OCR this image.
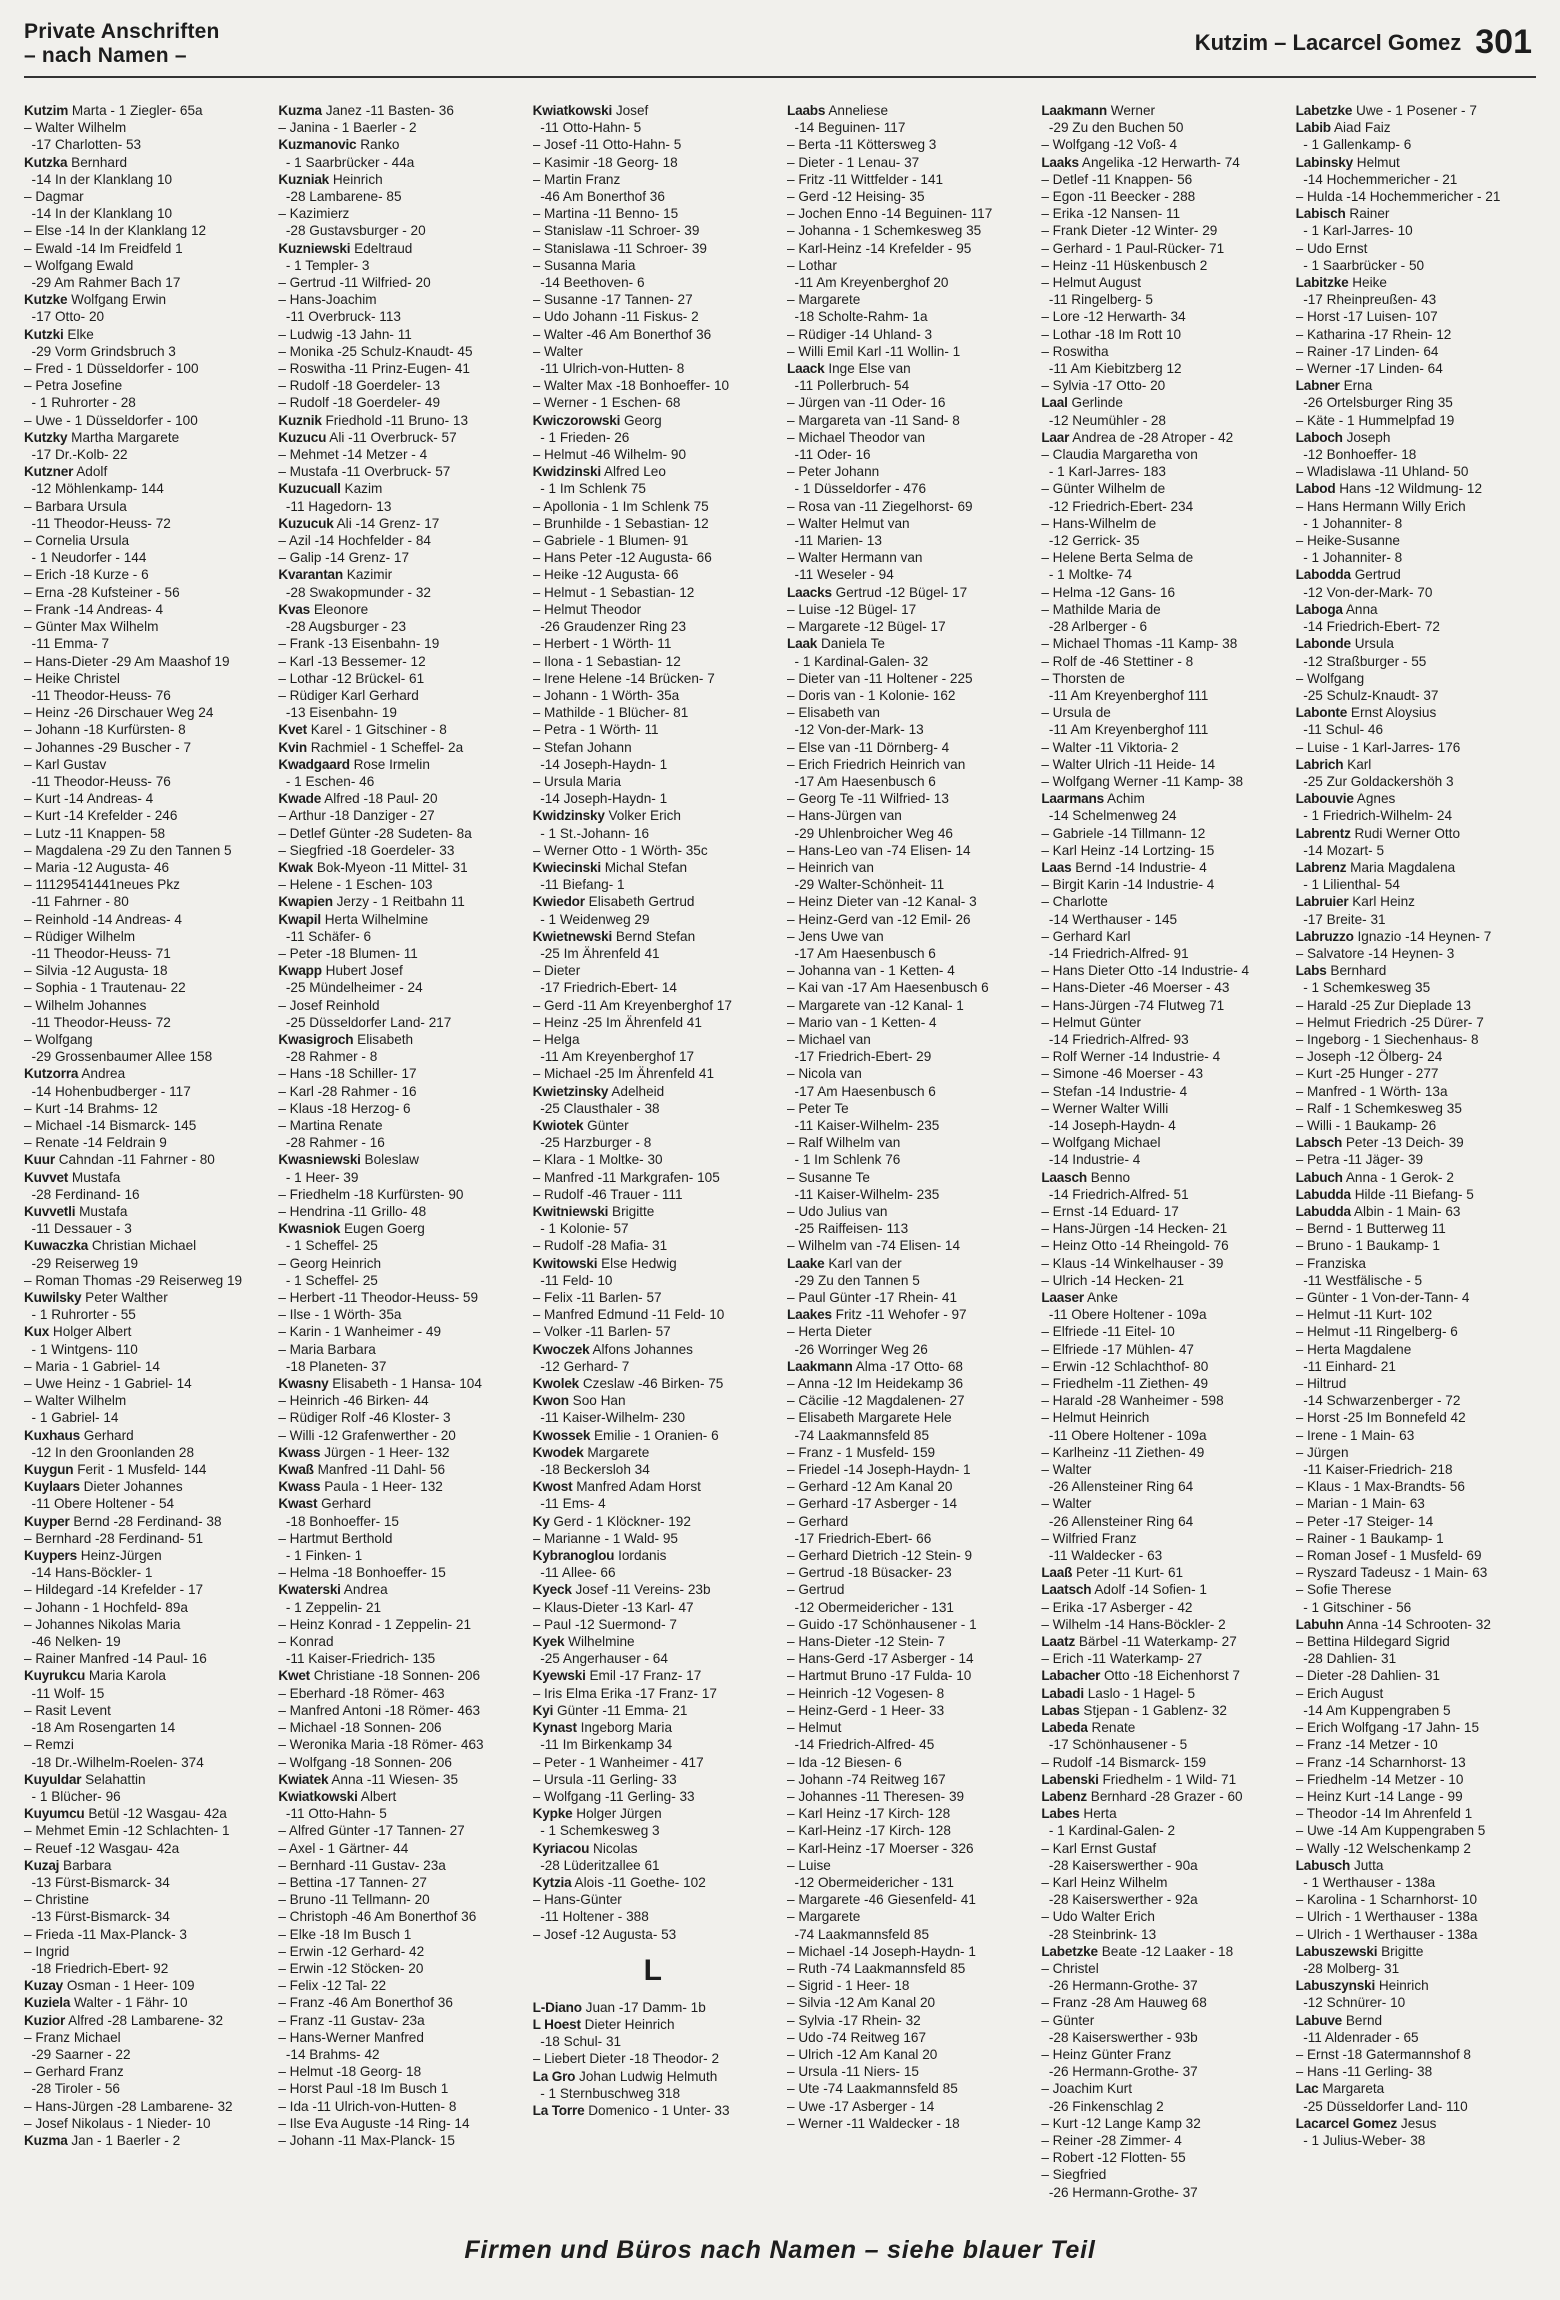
Private Anschriften
– nach Namen –
Kutzim – Lacarcel Gomez 301
Kutzim Marta - 1 Ziegler- 65a
– Walter Wilhelm
-17 Charlotten- 53
Kutzka Bernhard
-14 In der Klanklang 10
– Dagmar
-14 In der Klanklang 10
– Else -14 In der Klanklang 12
– Ewald -14 Im Freidfeld 1
– Wolfgang Ewald
-29 Am Rahmer Bach 17
Kutzke Wolfgang Erwin
-17 Otto- 20
Kutzki Elke
-29 Vorm Grindsbruch 3
– Fred - 1 Düsseldorfer - 100
– Petra Josefine
- 1 Ruhrorter - 28
– Uwe - 1 Düsseldorfer - 100
Kutzky Martha Margarete
-17 Dr.-Kolb- 22
Kutzner Adolf
-12 Möhlenkamp- 144
– Barbara Ursula
-11 Theodor-Heuss- 72
– Cornelia Ursula
- 1 Neudorfer - 144
– Erich -18 Kurze - 6
– Erna -28 Kufsteiner - 56
– Frank -14 Andreas- 4
– Günter Max Wilhelm
-11 Emma- 7
– Hans-Dieter -29 Am Maashof 19
– Heike Christel
-11 Theodor-Heuss- 76
– Heinz -26 Dirschauer Weg 24
– Johann -18 Kurfürsten- 8
– Johannes -29 Buscher - 7
– Karl Gustav
-11 Theodor-Heuss- 76
– Kurt -14 Andreas- 4
– Kurt -14 Krefelder - 246
– Lutz -11 Knappen- 58
– Magdalena -29 Zu den Tannen 5
– Maria -12 Augusta- 46
– 11129541441neues Pkz
-11 Fahrner - 80
– Reinhold -14 Andreas- 4
– Rüdiger Wilhelm
-11 Theodor-Heuss- 71
– Silvia -12 Augusta- 18
– Sophia - 1 Trautenau- 22
– Wilhelm Johannes
-11 Theodor-Heuss- 72
– Wolfgang
-29 Grossenbaumer Allee 158
Kutzorra Andrea
-14 Hohenbudberger - 117
– Kurt -14 Brahms- 12
– Michael -14 Bismarck- 145
– Renate -14 Feldrain 9
Kuur Cahndan -11 Fahrner - 80
Kuvvet Mustafa
-28 Ferdinand- 16
Kuvvetli Mustafa
-11 Dessauer - 3
Kuwaczka Christian Michael
-29 Reiserweg 19
– Roman Thomas -29 Reiserweg 19
Kuwilsky Peter Walther
- 1 Ruhrorter - 55
Kux Holger Albert
- 1 Wintgens- 110
– Maria - 1 Gabriel- 14
– Uwe Heinz - 1 Gabriel- 14
– Walter Wilhelm
- 1 Gabriel- 14
Kuxhaus Gerhard
-12 In den Groonlanden 28
Kuygun Ferit - 1 Musfeld- 144
Kuylaars Dieter Johannes
-11 Obere Holtener - 54
Kuyper Bernd -28 Ferdinand- 38
– Bernhard -28 Ferdinand- 51
Kuypers Heinz-Jürgen
-14 Hans-Böckler- 1
– Hildegard -14 Krefelder - 17
– Johann - 1 Hochfeld- 89a
– Johannes Nikolas Maria
-46 Nelken- 19
– Rainer Manfred -14 Paul- 16
Kuyrukcu Maria Karola
-11 Wolf- 15
– Rasit Levent
-18 Am Rosengarten 14
– Remzi
-18 Dr.-Wilhelm-Roelen- 374
Kuyuldar Selahattin
- 1 Blücher- 96
Kuyumcu Betül -12 Wasgau- 42a
– Mehmet Emin -12 Schlachten- 1
– Reuef -12 Wasgau- 42a
Kuzaj Barbara
-13 Fürst-Bismarck- 34
– Christine
-13 Fürst-Bismarck- 34
– Frieda -11 Max-Planck- 3
– Ingrid
-18 Friedrich-Ebert- 92
Kuzay Osman - 1 Heer- 109
Kuziela Walter - 1 Fähr- 10
Kuzior Alfred -28 Lambarene- 32
– Franz Michael
-29 Saarner - 22
– Gerhard Franz
-28 Tiroler - 56
– Hans-Jürgen -28 Lambarene- 32
– Josef Nikolaus - 1 Nieder- 10
Kuzma Jan - 1 Baerler - 2
Kuzma Janez -11 Basten- 36
– Janina - 1 Baerler - 2
Kuzmanovic Ranko
- 1 Saarbrücker - 44a
Kuzniak Heinrich
-28 Lambarene- 85
– Kazimierz
-28 Gustavsburger - 20
Kuzniewski Edeltraud
- 1 Templer- 3
– Gertrud -11 Wilfried- 20
– Hans-Joachim
-11 Overbruck- 113
– Ludwig -13 Jahn- 11
– Monika -25 Schulz-Knaudt- 45
– Roswitha -11 Prinz-Eugen- 41
– Rudolf -18 Goerdeler- 13
– Rudolf -18 Goerdeler- 49
Kuznik Friedhold -11 Bruno- 13
Kuzucu Ali -11 Overbruck- 57
– Mehmet -14 Metzer - 4
– Mustafa -11 Overbruck- 57
Kuzucuall Kazim
-11 Hagedorn- 13
Kuzucuk Ali -14 Grenz- 17
– Azil -14 Hochfelder - 84
– Galip -14 Grenz- 17
Kvarantan Kazimir
-28 Swakopmunder - 32
Kvas Eleonore
-28 Augsburger - 23
– Frank -13 Eisenbahn- 19
– Karl -13 Bessemer- 12
– Lothar -12 Brückel- 61
– Rüdiger Karl Gerhard
-13 Eisenbahn- 19
Kvet Karel - 1 Gitschiner - 8
Kvin Rachmiel - 1 Scheffel- 2a
Kwadgaard Rose Irmelin
- 1 Eschen- 46
Kwade Alfred -18 Paul- 20
– Arthur -18 Danziger - 27
– Detlef Günter -28 Sudeten- 8a
– Siegfried -18 Goerdeler- 33
Kwak Bok-Myeon -11 Mittel- 31
– Helene - 1 Eschen- 103
Kwapien Jerzy - 1 Reitbahn 11
Kwapil Herta Wilhelmine
-11 Schäfer- 6
– Peter -18 Blumen- 11
Kwapp Hubert Josef
-25 Mündelheimer - 24
– Josef Reinhold
-25 Düsseldorfer Land- 217
Kwasigroch Elisabeth
-28 Rahmer - 8
– Hans -18 Schiller- 17
– Karl -28 Rahmer - 16
– Klaus -18 Herzog- 6
– Martina Renate
-28 Rahmer - 16
Kwasniewski Boleslaw
- 1 Heer- 39
– Friedhelm -18 Kurfürsten- 90
– Hendrina -11 Grillo- 48
Kwasniok Eugen Goerg
- 1 Scheffel- 25
– Georg Heinrich
- 1 Scheffel- 25
– Herbert -11 Theodor-Heuss- 59
– Ilse - 1 Wörth- 35a
– Karin - 1 Wanheimer - 49
– Maria Barbara
-18 Planeten- 37
Kwasny Elisabeth - 1 Hansa- 104
– Heinrich -46 Birken- 44
– Rüdiger Rolf -46 Kloster- 3
– Willi -12 Grafenwerther - 20
Kwass Jürgen - 1 Heer- 132
Kwaß Manfred -11 Dahl- 56
Kwass Paula - 1 Heer- 132
Kwast Gerhard
-18 Bonhoeffer- 15
– Hartmut Berthold
- 1 Finken- 1
– Helma -18 Bonhoeffer- 15
Kwaterski Andrea
- 1 Zeppelin- 21
– Heinz Konrad - 1 Zeppelin- 21
– Konrad
-11 Kaiser-Friedrich- 135
Kwet Christiane -18 Sonnen- 206
– Eberhard -18 Römer- 463
– Manfred Antoni -18 Römer- 463
– Michael -18 Sonnen- 206
– Weronika Maria -18 Römer- 463
– Wolfgang -18 Sonnen- 206
Kwiatek Anna -11 Wiesen- 35
Kwiatkowski Albert
-11 Otto-Hahn- 5
– Alfred Günter -17 Tannen- 27
– Axel - 1 Gärtner- 44
– Bernhard -11 Gustav- 23a
– Bettina -17 Tannen- 27
– Bruno -11 Tellmann- 20
– Christoph -46 Am Bonerthof 36
– Elke -18 Im Busch 1
– Erwin -12 Gerhard- 42
– Erwin -12 Stöcken- 20
– Felix -12 Tal- 22
– Franz -46 Am Bonerthof 36
– Franz -11 Gustav- 23a
– Hans-Werner Manfred
-14 Brahms- 42
– Helmut -18 Georg- 18
– Horst Paul -18 Im Busch 1
– Ida -11 Ulrich-von-Hutten- 8
– Ilse Eva Auguste -14 Ring- 14
– Johann -11 Max-Planck- 15
Kwiatkowski Josef
-11 Otto-Hahn- 5
– Josef -11 Otto-Hahn- 5
– Kasimir -18 Georg- 18
– Martin Franz
-46 Am Bonerthof 36
– Martina -11 Benno- 15
– Stanislaw -11 Schroer- 39
– Stanislawa -11 Schroer- 39
– Susanna Maria
-14 Beethoven- 6
– Susanne -17 Tannen- 27
– Udo Johann -11 Fiskus- 2
– Walter -46 Am Bonerthof 36
– Walter
-11 Ulrich-von-Hutten- 8
– Walter Max -18 Bonhoeffer- 10
– Werner - 1 Eschen- 68
Kwiczorowski Georg
- 1 Frieden- 26
– Helmut -46 Wilhelm- 90
Kwidzinski Alfred Leo
- 1 Im Schlenk 75
– Apollonia - 1 Im Schlenk 75
– Brunhilde - 1 Sebastian- 12
– Gabriele - 1 Blumen- 91
– Hans Peter -12 Augusta- 66
– Heike -12 Augusta- 66
– Helmut - 1 Sebastian- 12
– Helmut Theodor
-26 Graudenzer Ring 23
– Herbert - 1 Wörth- 11
– Ilona - 1 Sebastian- 12
– Irene Helene -14 Brücken- 7
– Johann - 1 Wörth- 35a
– Mathilde - 1 Blücher- 81
– Petra - 1 Wörth- 11
– Stefan Johann
-14 Joseph-Haydn- 1
– Ursula Maria
-14 Joseph-Haydn- 1
Kwidzinsky Volker Erich
- 1 St.-Johann- 16
– Werner Otto - 1 Wörth- 35c
Kwiecinski Michal Stefan
-11 Biefang- 1
Kwiedor Elisabeth Gertrud
- 1 Weidenweg 29
Kwietnewski Bernd Stefan
-25 Im Ährenfeld 41
– Dieter
-17 Friedrich-Ebert- 14
– Gerd -11 Am Kreyenberghof 17
– Heinz -25 Im Ährenfeld 41
– Helga
-11 Am Kreyenberghof 17
– Michael -25 Im Ährenfeld 41
Kwietzinsky Adelheid
-25 Clausthaler - 38
Kwiotek Günter
-25 Harzburger - 8
– Klara - 1 Moltke- 30
– Manfred -11 Markgrafen- 105
– Rudolf -46 Trauer - 111
Kwitniewski Brigitte
- 1 Kolonie- 57
– Rudolf -28 Mafia- 31
Kwitowski Else Hedwig
-11 Feld- 10
– Felix -11 Barlen- 57
– Manfred Edmund -11 Feld- 10
– Volker -11 Barlen- 57
Kwoczek Alfons Johannes
-12 Gerhard- 7
Kwolek Czeslaw -46 Birken- 75
Kwon Soo Han
-11 Kaiser-Wilhelm- 230
Kwossek Emilie - 1 Oranien- 6
Kwodek Margarete
-18 Beckersloh 34
Kwost Manfred Adam Horst
-11 Ems- 4
Ky Gerd - 1 Klöckner- 192
– Marianne - 1 Wald- 95
Kybranoglou Iordanis
-11 Allee- 66
Kyeck Josef -11 Vereins- 23b
– Klaus-Dieter -13 Karl- 47
– Paul -12 Suermond- 7
Kyek Wilhelmine
-25 Angerhauser - 64
Kyewski Emil -17 Franz- 17
– Iris Elma Erika -17 Franz- 17
Kyi Günter -11 Emma- 21
Kynast Ingeborg Maria
-11 Im Birkenkamp 34
– Peter - 1 Wanheimer - 417
– Ursula -11 Gerling- 33
– Wolfgang -11 Gerling- 33
Kypke Holger Jürgen
- 1 Schemkesweg 3
Kyriacou Nicolas
-28 Lüderitzallee 61
Kytzia Alois -11 Goethe- 102
– Hans-Günter
-11 Holtener - 388
– Josef -12 Augusta- 53
L
L-Diano Juan -17 Damm- 1b
L Hoest Dieter Heinrich
-18 Schul- 31
– Liebert Dieter -18 Theodor- 2
La Gro Johan Ludwig Helmuth
- 1 Sternbuschweg 318
La Torre Domenico - 1 Unter- 33
Laabs Anneliese
-14 Beguinen- 117
– Berta -11 Köttersweg 3
– Dieter - 1 Lenau- 37
– Fritz -11 Wittfelder - 141
– Gerd -12 Heising- 35
– Jochen Enno -14 Beguinen- 117
– Johanna - 1 Schemkesweg 35
– Karl-Heinz -14 Krefelder - 95
– Lothar
-11 Am Kreyenberghof 20
– Margarete
-18 Scholte-Rahm- 1a
– Rüdiger -14 Uhland- 3
– Willi Emil Karl -11 Wollin- 1
Laack Inge Else van
-11 Pollerbruch- 54
– Jürgen van -11 Oder- 16
– Margareta van -11 Sand- 8
– Michael Theodor van
-11 Oder- 16
– Peter Johann
- 1 Düsseldorfer - 476
– Rosa van -11 Ziegelhorst- 69
– Walter Helmut van
-11 Marien- 13
– Walter Hermann van
-11 Weseler - 94
Laacks Gertrud -12 Bügel- 17
– Luise -12 Bügel- 17
– Margarete -12 Bügel- 17
Laak Daniela Te
- 1 Kardinal-Galen- 32
– Dieter van -11 Holtener - 225
– Doris van - 1 Kolonie- 162
– Elisabeth van
-12 Von-der-Mark- 13
– Else van -11 Dörnberg- 4
– Erich Friedrich Heinrich van
-17 Am Haesenbusch 6
– Georg Te -11 Wilfried- 13
– Hans-Jürgen van
-29 Uhlenbroicher Weg 46
– Hans-Leo van -74 Elisen- 14
– Heinrich van
-29 Walter-Schönheit- 11
– Heinz Dieter van -12 Kanal- 3
– Heinz-Gerd van -12 Emil- 26
– Jens Uwe van
-17 Am Haesenbusch 6
– Johanna van - 1 Ketten- 4
– Kai van -17 Am Haesenbusch 6
– Margarete van -12 Kanal- 1
– Mario van - 1 Ketten- 4
– Michael van
-17 Friedrich-Ebert- 29
– Nicola van
-17 Am Haesenbusch 6
– Peter Te
-11 Kaiser-Wilhelm- 235
– Ralf Wilhelm van
- 1 Im Schlenk 76
– Susanne Te
-11 Kaiser-Wilhelm- 235
– Udo Julius van
-25 Raiffeisen- 113
– Wilhelm van -74 Elisen- 14
Laake Karl van der
-29 Zu den Tannen 5
– Paul Günter -17 Rhein- 41
Laakes Fritz -11 Wehofer - 97
– Herta Dieter
-26 Worringer Weg 26
Laakmann Alma -17 Otto- 68
– Anna -12 Im Heidekamp 36
– Cäcilie -12 Magdalenen- 27
– Elisabeth Margarete Hele
-74 Laakmannsfeld 85
– Franz - 1 Musfeld- 159
– Friedel -14 Joseph-Haydn- 1
– Gerhard -12 Am Kanal 20
– Gerhard -17 Asberger - 14
– Gerhard
-17 Friedrich-Ebert- 66
– Gerhard Dietrich -12 Stein- 9
– Gertrud -18 Büsacker- 23
– Gertrud
-12 Obermeidericher - 131
– Guido -17 Schönhausener - 1
– Hans-Dieter -12 Stein- 7
– Hans-Gerd -17 Asberger - 14
– Hartmut Bruno -17 Fulda- 10
– Heinrich -12 Vogesen- 8
– Heinz-Gerd - 1 Heer- 33
– Helmut
-14 Friedrich-Alfred- 45
– Ida -12 Biesen- 6
– Johann -74 Reitweg 167
– Johannes -11 Theresen- 39
– Karl Heinz -17 Kirch- 128
– Karl-Heinz -17 Kirch- 128
– Karl-Heinz -17 Moerser - 326
– Luise
-12 Obermeidericher - 131
– Margarete -46 Giesenfeld- 41
– Margarete
-74 Laakmannsfeld 85
– Michael -14 Joseph-Haydn- 1
– Ruth -74 Laakmannsfeld 85
– Sigrid - 1 Heer- 18
– Silvia -12 Am Kanal 20
– Sylvia -17 Rhein- 32
– Udo -74 Reitweg 167
– Ulrich -12 Am Kanal 20
– Ursula -11 Niers- 15
– Ute -74 Laakmannsfeld 85
– Uwe -17 Asberger - 14
– Werner -11 Waldecker - 18
Laakmann Werner
-29 Zu den Buchen 50
– Wolfgang -12 Voß- 4
Laaks Angelika -12 Herwarth- 74
– Detlef -11 Knappen- 56
– Egon -11 Beecker - 288
– Erika -12 Nansen- 11
– Frank Dieter -12 Winter- 29
– Gerhard - 1 Paul-Rücker- 71
– Heinz -11 Hüskenbusch 2
– Helmut August
-11 Ringelberg- 5
– Lore -12 Herwarth- 34
– Lothar -18 Im Rott 10
– Roswitha
-11 Am Kiebitzberg 12
– Sylvia -17 Otto- 20
Laal Gerlinde
-12 Neumühler - 28
Laar Andrea de -28 Atroper - 42
– Claudia Margaretha von
- 1 Karl-Jarres- 183
– Günter Wilhelm de
-12 Friedrich-Ebert- 234
– Hans-Wilhelm de
-12 Gerrick- 35
– Helene Berta Selma de
- 1 Moltke- 74
– Helma -12 Gans- 16
– Mathilde Maria de
-28 Arlberger - 6
– Michael Thomas -11 Kamp- 38
– Rolf de -46 Stettiner - 8
– Thorsten de
-11 Am Kreyenberghof 111
– Ursula de
-11 Am Kreyenberghof 111
– Walter -11 Viktoria- 2
– Walter Ulrich -11 Heide- 14
– Wolfgang Werner -11 Kamp- 38
Laarmans Achim
-14 Schelmenweg 24
– Gabriele -14 Tillmann- 12
– Karl Heinz -14 Lortzing- 15
Laas Bernd -14 Industrie- 4
– Birgit Karin -14 Industrie- 4
– Charlotte
-14 Werthauser - 145
– Gerhard Karl
-14 Friedrich-Alfred- 91
– Hans Dieter Otto -14 Industrie- 4
– Hans-Dieter -46 Moerser - 43
– Hans-Jürgen -74 Flutweg 71
– Helmut Günter
-14 Friedrich-Alfred- 93
– Rolf Werner -14 Industrie- 4
– Simone -46 Moerser - 43
– Stefan -14 Industrie- 4
– Werner Walter Willi
-14 Joseph-Haydn- 4
– Wolfgang Michael
-14 Industrie- 4
Laasch Benno
-14 Friedrich-Alfred- 51
– Ernst -14 Eduard- 17
– Hans-Jürgen -14 Hecken- 21
– Heinz Otto -14 Rheingold- 76
– Klaus -14 Winkelhauser - 39
– Ulrich -14 Hecken- 21
Laaser Anke
-11 Obere Holtener - 109a
– Elfriede -11 Eitel- 10
– Elfriede -17 Mühlen- 47
– Erwin -12 Schlachthof- 80
– Friedhelm -11 Ziethen- 49
– Harald -28 Wanheimer - 598
– Helmut Heinrich
-11 Obere Holtener - 109a
– Karlheinz -11 Ziethen- 49
– Walter
-26 Allensteiner Ring 64
– Walter
-26 Allensteiner Ring 64
– Wilfried Franz
-11 Waldecker - 63
Laaß Peter -11 Kurt- 61
Laatsch Adolf -14 Sofien- 1
– Erika -17 Asberger - 42
– Wilhelm -14 Hans-Böckler- 2
Laatz Bärbel -11 Waterkamp- 27
– Erich -11 Waterkamp- 27
Labacher Otto -18 Eichenhorst 7
Labadi Laslo - 1 Hagel- 5
Labas Stjepan - 1 Gablenz- 32
Labeda Renate
-17 Schönhausener - 5
– Rudolf -14 Bismarck- 159
Labenski Friedhelm - 1 Wild- 71
Labenz Bernhard -28 Grazer - 60
Labes Herta
- 1 Kardinal-Galen- 2
– Karl Ernst Gustaf
-28 Kaiserswerther - 90a
– Karl Heinz Wilhelm
-28 Kaiserswerther - 92a
– Udo Walter Erich
-28 Steinbrink- 13
Labetzke Beate -12 Laaker - 18
– Christel
-26 Hermann-Grothe- 37
– Franz -28 Am Hauweg 68
– Günter
-28 Kaiserswerther - 93b
– Heinz Günter Franz
-26 Hermann-Grothe- 37
– Joachim Kurt
-26 Finkenschlag 2
– Kurt -12 Lange Kamp 32
– Reiner -28 Zimmer- 4
– Robert -12 Flotten- 55
– Siegfried
-26 Hermann-Grothe- 37
Labetzke Uwe - 1 Posener - 7
Labib Aiad Faiz
- 1 Gallenkamp- 6
Labinsky Helmut
-14 Hochemmericher - 21
– Hulda -14 Hochemmericher - 21
Labisch Rainer
- 1 Karl-Jarres- 10
– Udo Ernst
- 1 Saarbrücker - 50
Labitzke Heike
-17 Rheinpreußen- 43
– Horst -17 Luisen- 107
– Katharina -17 Rhein- 12
– Rainer -17 Linden- 64
– Werner -17 Linden- 64
Labner Erna
-26 Ortelsburger Ring 35
– Käte - 1 Hummelpfad 19
Laboch Joseph
-12 Bonhoeffer- 18
– Wladislawa -11 Uhland- 50
Labod Hans -12 Wildmung- 12
– Hans Hermann Willy Erich
- 1 Johanniter- 8
– Heike-Susanne
- 1 Johanniter- 8
Labodda Gertrud
-12 Von-der-Mark- 70
Laboga Anna
-14 Friedrich-Ebert- 72
Labonde Ursula
-12 Straßburger - 55
– Wolfgang
-25 Schulz-Knaudt- 37
Labonte Ernst Aloysius
-11 Schul- 46
– Luise - 1 Karl-Jarres- 176
Labrich Karl
-25 Zur Goldackershöh 3
Labouvie Agnes
- 1 Friedrich-Wilhelm- 24
Labrentz Rudi Werner Otto
-14 Mozart- 5
Labrenz Maria Magdalena
- 1 Lilienthal- 54
Labruier Karl Heinz
-17 Breite- 31
Labruzzo Ignazio -14 Heynen- 7
– Salvatore -14 Heynen- 3
Labs Bernhard
- 1 Schemkesweg 35
– Harald -25 Zur Dieplade 13
– Helmut Friedrich -25 Dürer- 7
– Ingeborg - 1 Siechenhaus- 8
– Joseph -12 Ölberg- 24
– Kurt -25 Hunger - 277
– Manfred - 1 Wörth- 13a
– Ralf - 1 Schemkesweg 35
– Willi - 1 Baukamp- 26
Labsch Peter -13 Deich- 39
– Petra -11 Jäger- 39
Labuch Anna - 1 Gerok- 2
Labudda Hilde -11 Biefang- 5
Labudda Albin - 1 Main- 63
– Bernd - 1 Butterweg 11
– Bruno - 1 Baukamp- 1
– Franziska
-11 Westfälische - 5
– Günter - 1 Von-der-Tann- 4
– Helmut -11 Kurt- 102
– Helmut -11 Ringelberg- 6
– Herta Magdalene
-11 Einhard- 21
– Hiltrud
-14 Schwarzenberger - 72
– Horst -25 Im Bonnefeld 42
– Irene - 1 Main- 63
– Jürgen
-11 Kaiser-Friedrich- 218
– Klaus - 1 Max-Brandts- 56
– Marian - 1 Main- 63
– Peter -17 Steiger- 14
– Rainer - 1 Baukamp- 1
– Roman Josef - 1 Musfeld- 69
– Ryszard Tadeusz - 1 Main- 63
– Sofie Therese
- 1 Gitschiner - 56
Labuhn Anna -14 Schrooten- 32
– Bettina Hildegard Sigrid
-28 Dahlien- 31
– Dieter -28 Dahlien- 31
– Erich August
-14 Am Kuppengraben 5
– Erich Wolfgang -17 Jahn- 15
– Franz -14 Metzer - 10
– Franz -14 Scharnhorst- 13
– Friedhelm -14 Metzer - 10
– Heinz Kurt -14 Lange - 99
– Theodor -14 Im Ahrenfeld 1
– Uwe -14 Am Kuppengraben 5
– Wally -12 Welschenkamp 2
Labusch Jutta
- 1 Werthauser - 138a
– Karolina - 1 Scharnhorst- 10
– Ulrich - 1 Werthauser - 138a
– Ulrich - 1 Werthauser - 138a
Labuszewski Brigitte
-28 Molberg- 31
Labuszynski Heinrich
-12 Schnürer- 10
Labuve Bernd
-11 Aldenrader - 65
– Ernst -18 Gatermannshof 8
– Hans -11 Gerling- 38
Lac Margareta
-25 Düsseldorfer Land- 110
Lacarcel Gomez Jesus
- 1 Julius-Weber- 38
Firmen und Büros nach Namen – siehe blauer Teil
